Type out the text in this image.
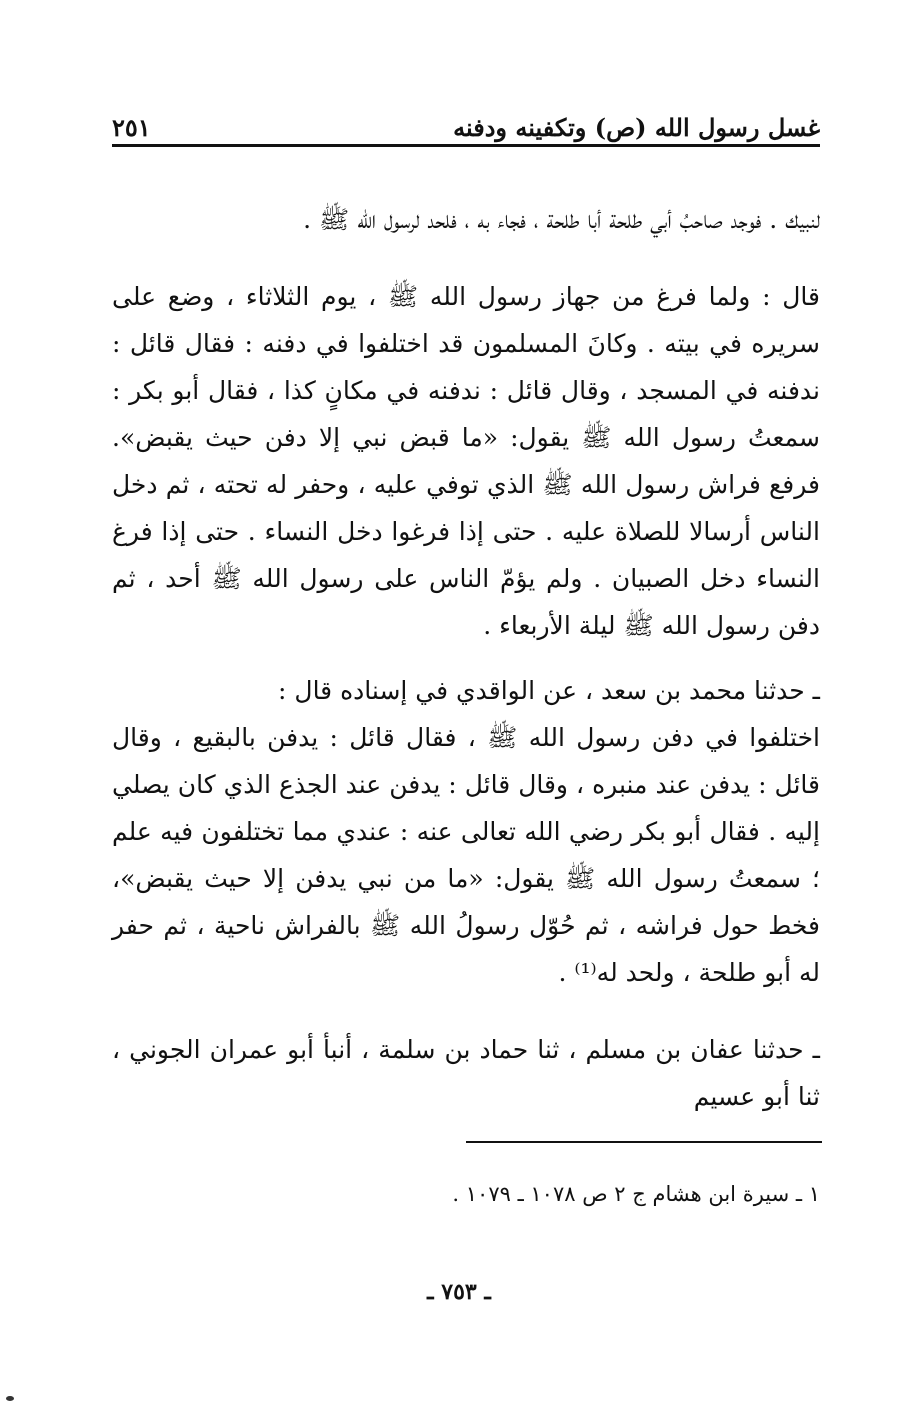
غسل رسول الله (ص) وتكفينه ودفنه
٢٥١

لنبيك . فوجد صاحبُ أبي طلحة أبا طلحة ، فجاء به ، فلحد لرسول الله ﷺ .

قال : ولما فرغ من جهاز رسول الله ﷺ ، يوم الثلاثاء ، وضع على سريره في بيته . وكانَ المسلمون قد اختلفوا في دفنه : فقال قائل : ندفنه في المسجد ، وقال قائل : ندفنه في مكانٍ كذا ، فقال أبو بكر : سمعتُ رسول الله ﷺ يقول: «ما قبض نبي إلا دفن حيث يقبض». فرفع فراش رسول الله ﷺ الذي توفي عليه ، وحفر له تحته ، ثم دخل الناس أرسالا للصلاة عليه . حتى إذا فرغوا دخل النساء . حتى إذا فرغ النساء دخل الصبيان . ولم يؤمّ الناس على رسول الله ﷺ أحد ، ثم دفن رسول الله ﷺ ليلة الأربعاء .

ـ حدثنا محمد بن سعد ، عن الواقدي في إسناده قال :

اختلفوا في دفن رسول الله ﷺ ، فقال قائل : يدفن بالبقيع ، وقال قائل : يدفن عند منبره ، وقال قائل : يدفن عند الجذع الذي كان يصلي إليه . فقال أبو بكر رضي الله تعالى عنه : عندي مما تختلفون فيه علم ؛ سمعتُ رسول الله ﷺ يقول: «ما من نبي يدفن إلا حيث يقبض»، فخط حول فراشه ، ثم حُوّل رسولُ الله ﷺ بالفراش ناحية ، ثم حفر له أبو طلحة ، ولحد له⁽¹⁾ .

ـ حدثنا عفان بن مسلم ، ثنا حماد بن سلمة ، أنبأ أبو عمران الجوني ، ثنا أبو عسيم

١ ـ سيرة ابن هشام ج ٢ ص ١٠٧٨ ـ ١٠٧٩ .
ـ ٧٥٣ ـ
